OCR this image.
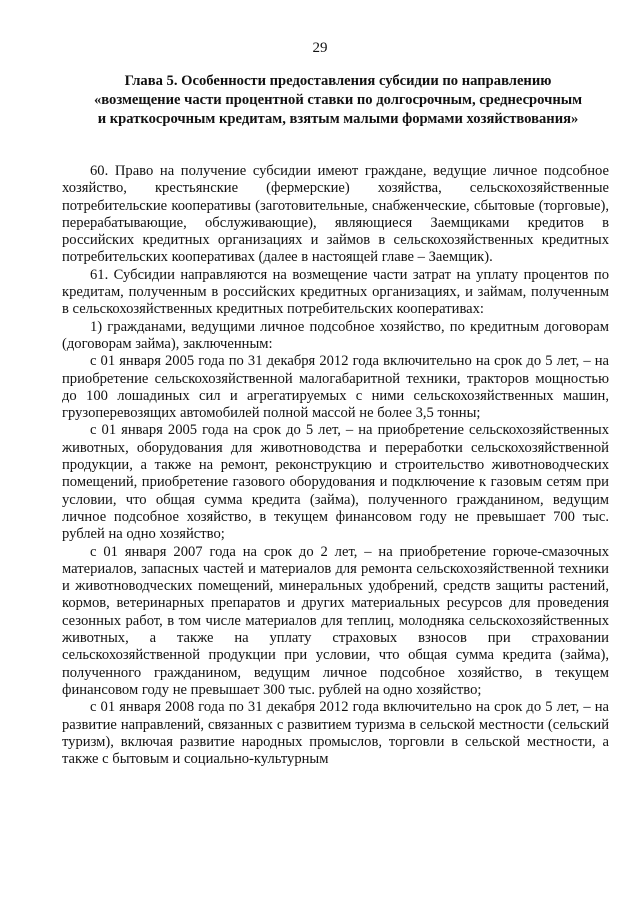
29
Глава 5. Особенности предоставления субсидии по направлению
«возмещение части процентной ставки по долгосрочным, среднесрочным
и краткосрочным кредитам, взятым малыми формами хозяйствования»

60. Право на получение субсидии имеют граждане, ведущие личное подсобное хозяйство, крестьянские (фермерские) хозяйства, сельскохозяйственные потребительские кооперативы (заготовительные, снабженческие, сбытовые (торговые), перерабатывающие, обслуживающие), являющиеся Заемщиками кредитов в российских кредитных организациях и займов в сельскохозяйственных кредитных потребительских кооперативах (далее в настоящей главе – Заемщик).

61. Субсидии направляются на возмещение части затрат на уплату процентов по кредитам, полученным в российских кредитных организациях, и займам, полученным в сельскохозяйственных кредитных потребительских кооперативах:

1) гражданами, ведущими личное подсобное хозяйство, по кредитным договорам (договорам займа), заключенным:

с 01 января 2005 года по 31 декабря 2012 года включительно на срок до 5 лет, – на приобретение сельскохозяйственной малогабаритной техники, тракторов мощностью до 100 лошадиных сил и агрегатируемых с ними сельскохозяйственных машин, грузоперевозящих автомобилей полной массой не более 3,5 тонны;

с 01 января 2005 года на срок до 5 лет, – на приобретение сельскохозяйственных животных, оборудования для животноводства и переработки сельскохозяйственной продукции, а также на ремонт, реконструкцию и строительство животноводческих помещений, приобретение газового оборудования и подключение к газовым сетям при условии, что общая сумма кредита (займа), полученного гражданином, ведущим личное подсобное хозяйство, в текущем финансовом году не превышает 700 тыс. рублей на одно хозяйство;

с 01 января 2007 года на срок до 2 лет, – на приобретение горюче-смазочных материалов, запасных частей и материалов для ремонта сельскохозяйственной техники и животноводческих помещений, минеральных удобрений, средств защиты растений, кормов, ветеринарных препаратов и других материальных ресурсов для проведения сезонных работ, в том числе материалов для теплиц, молодняка сельскохозяйственных животных, а также на уплату страховых взносов при страховании сельскохозяйственной продукции при условии, что общая сумма кредита (займа), полученного гражданином, ведущим личное подсобное хозяйство, в текущем финансовом году не превышает 300 тыс. рублей на одно хозяйство;

с 01 января 2008 года по 31 декабря 2012 года включительно на срок до 5 лет, – на развитие направлений, связанных с развитием туризма в сельской местности (сельский туризм), включая развитие народных промыслов, торговли в сельской местности, а также с бытовым и социально-культурным
